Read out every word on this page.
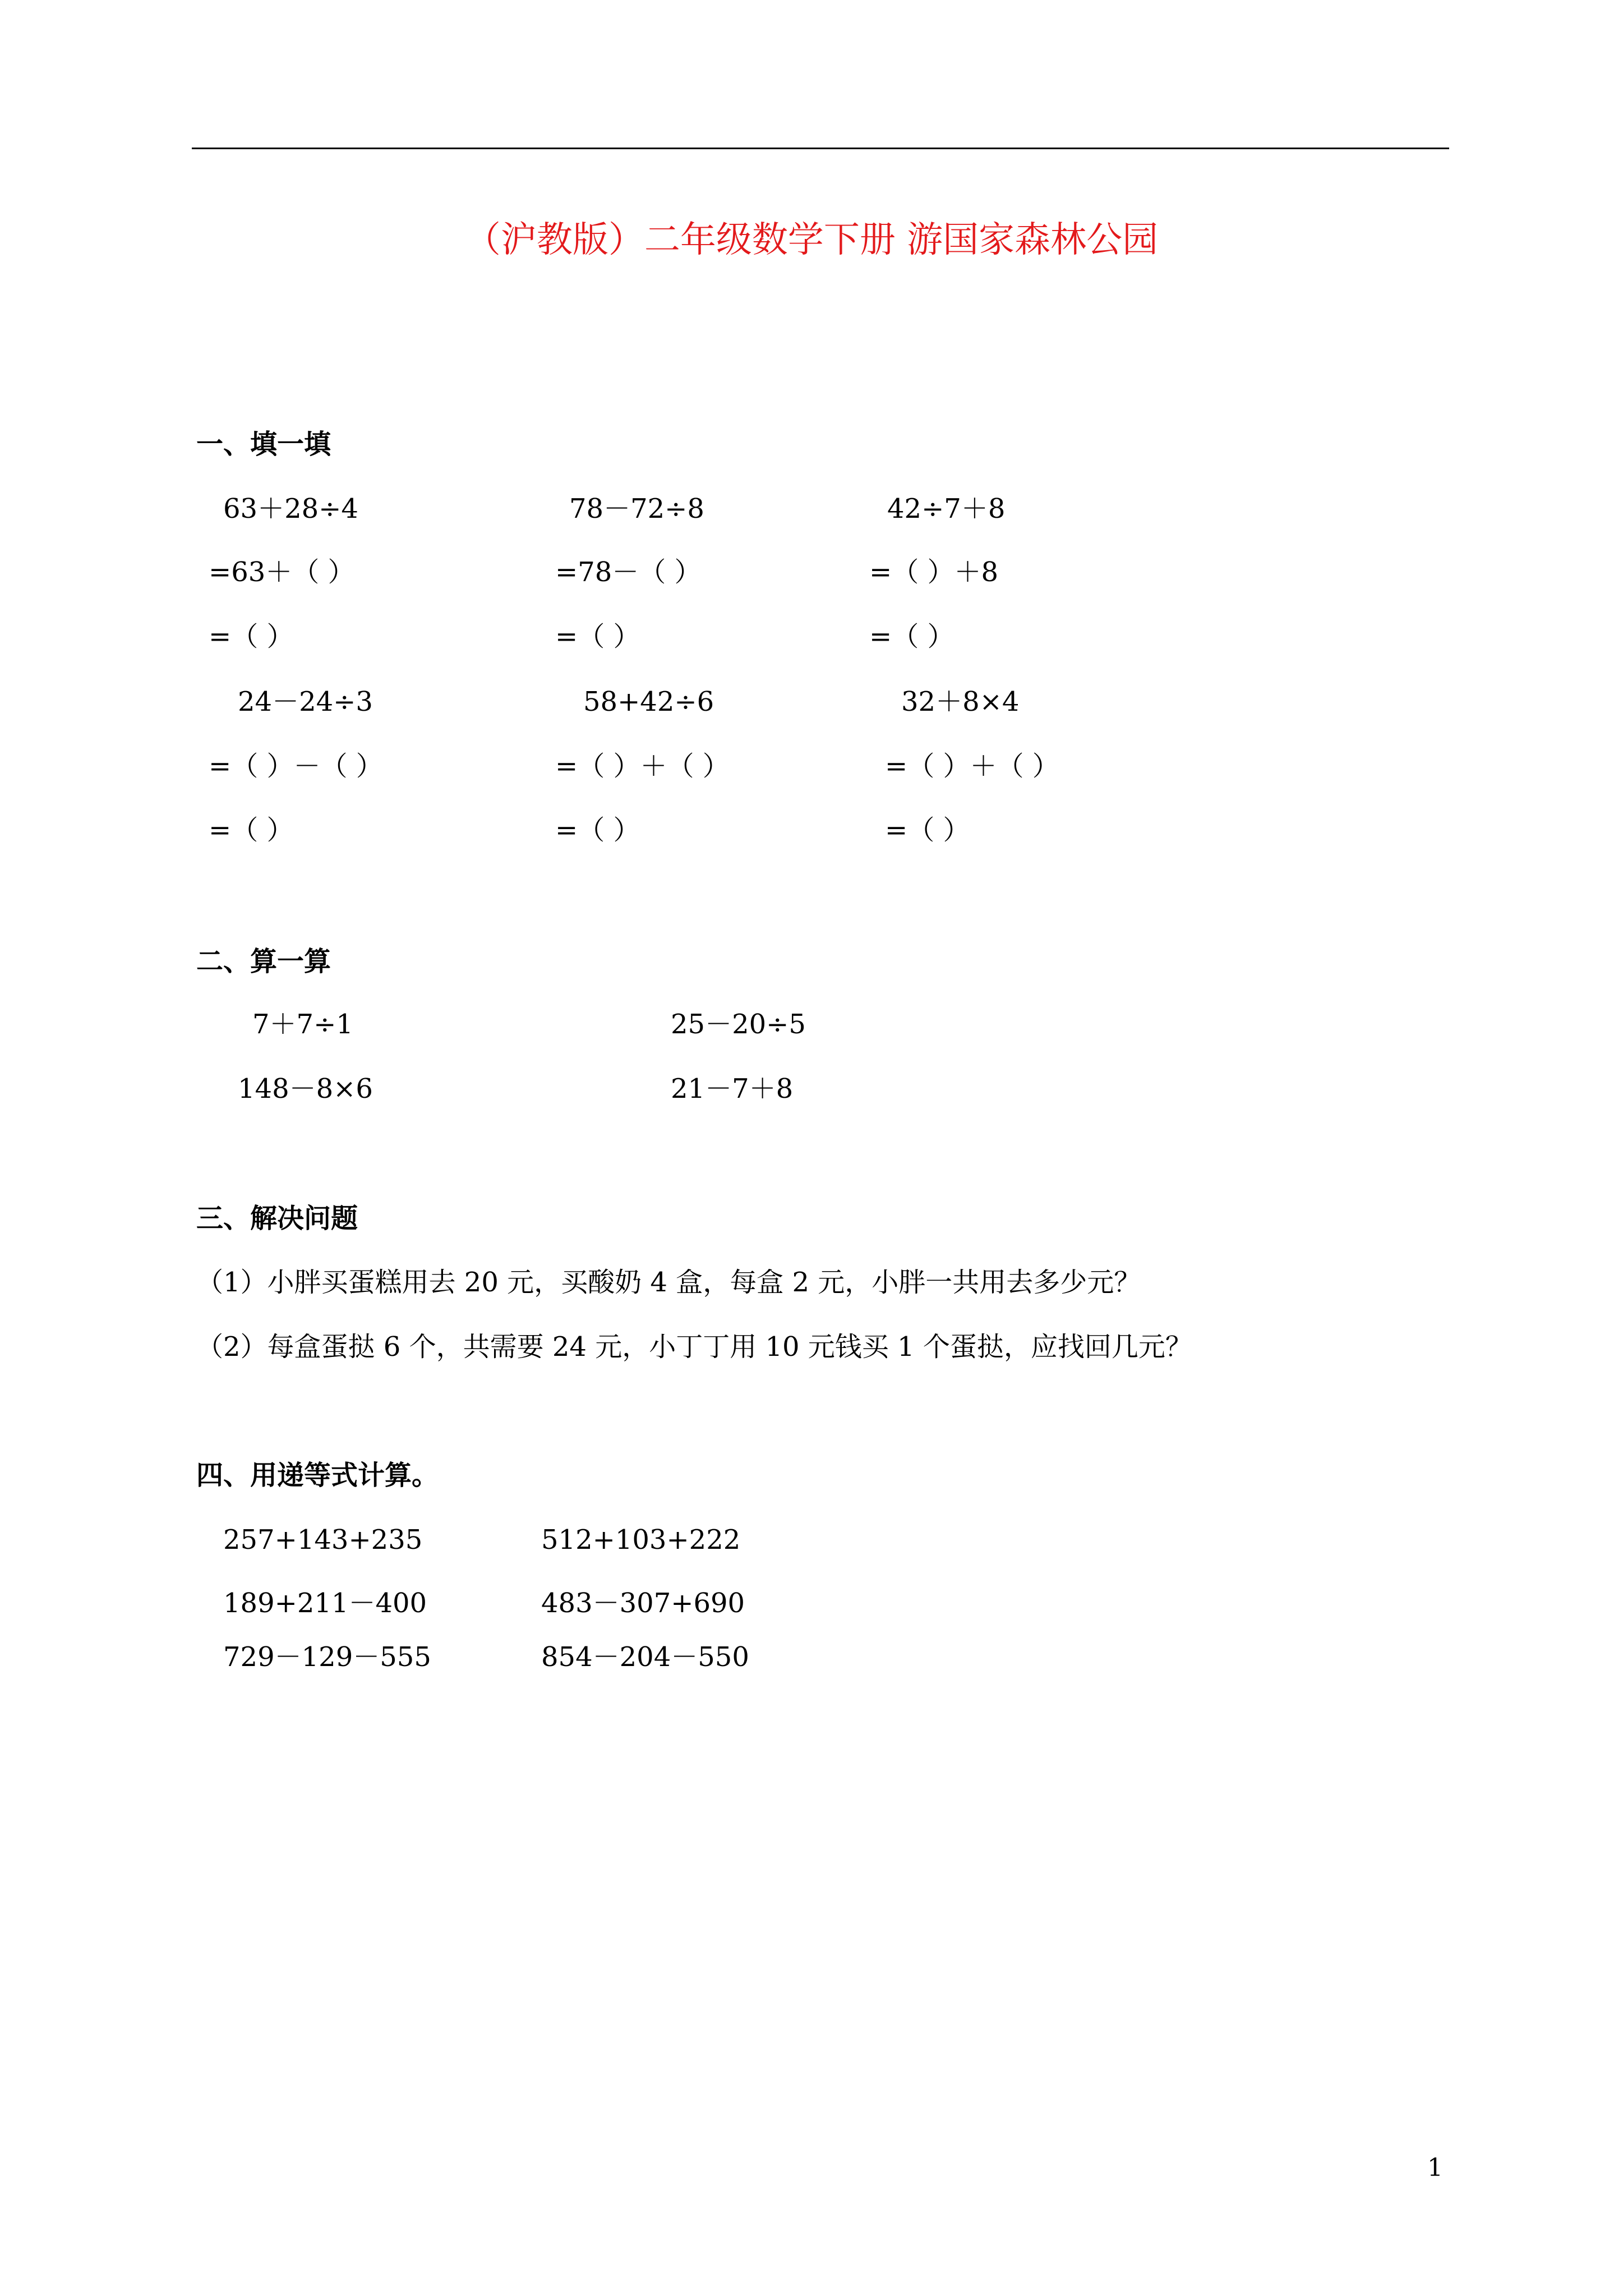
（沪教版）二年级数学下册 游国家森林公园
一、填一填
63＋28÷4	78－72÷8	42÷7＋8
=63＋（ ）	=78－（ ）	=（ ）＋8
=（ ）	=（ ）	=（ ）
24－24÷3	58+42÷6	32＋8×4
=（ ）－（ ）	=（ ）＋（ ）	=（ ）＋（ ）
=（ ）	=（ ）	=（ ）
二、算一算
7＋7÷1	25－20÷5
148－8×6	21－7＋8
三、解决问题
（1）小胖买蛋糕用去 20 元，买酸奶 4 盒，每盒 2 元，小胖一共用去多少元？
（2）每盒蛋挞 6 个，共需要 24 元，小丁丁用 10 元钱买 1 个蛋挞，应找回几元？
四、用递等式计算。
257+143+235	512+103+222
189+211－400	483－307+690
729－129－555	854－204－550
1
